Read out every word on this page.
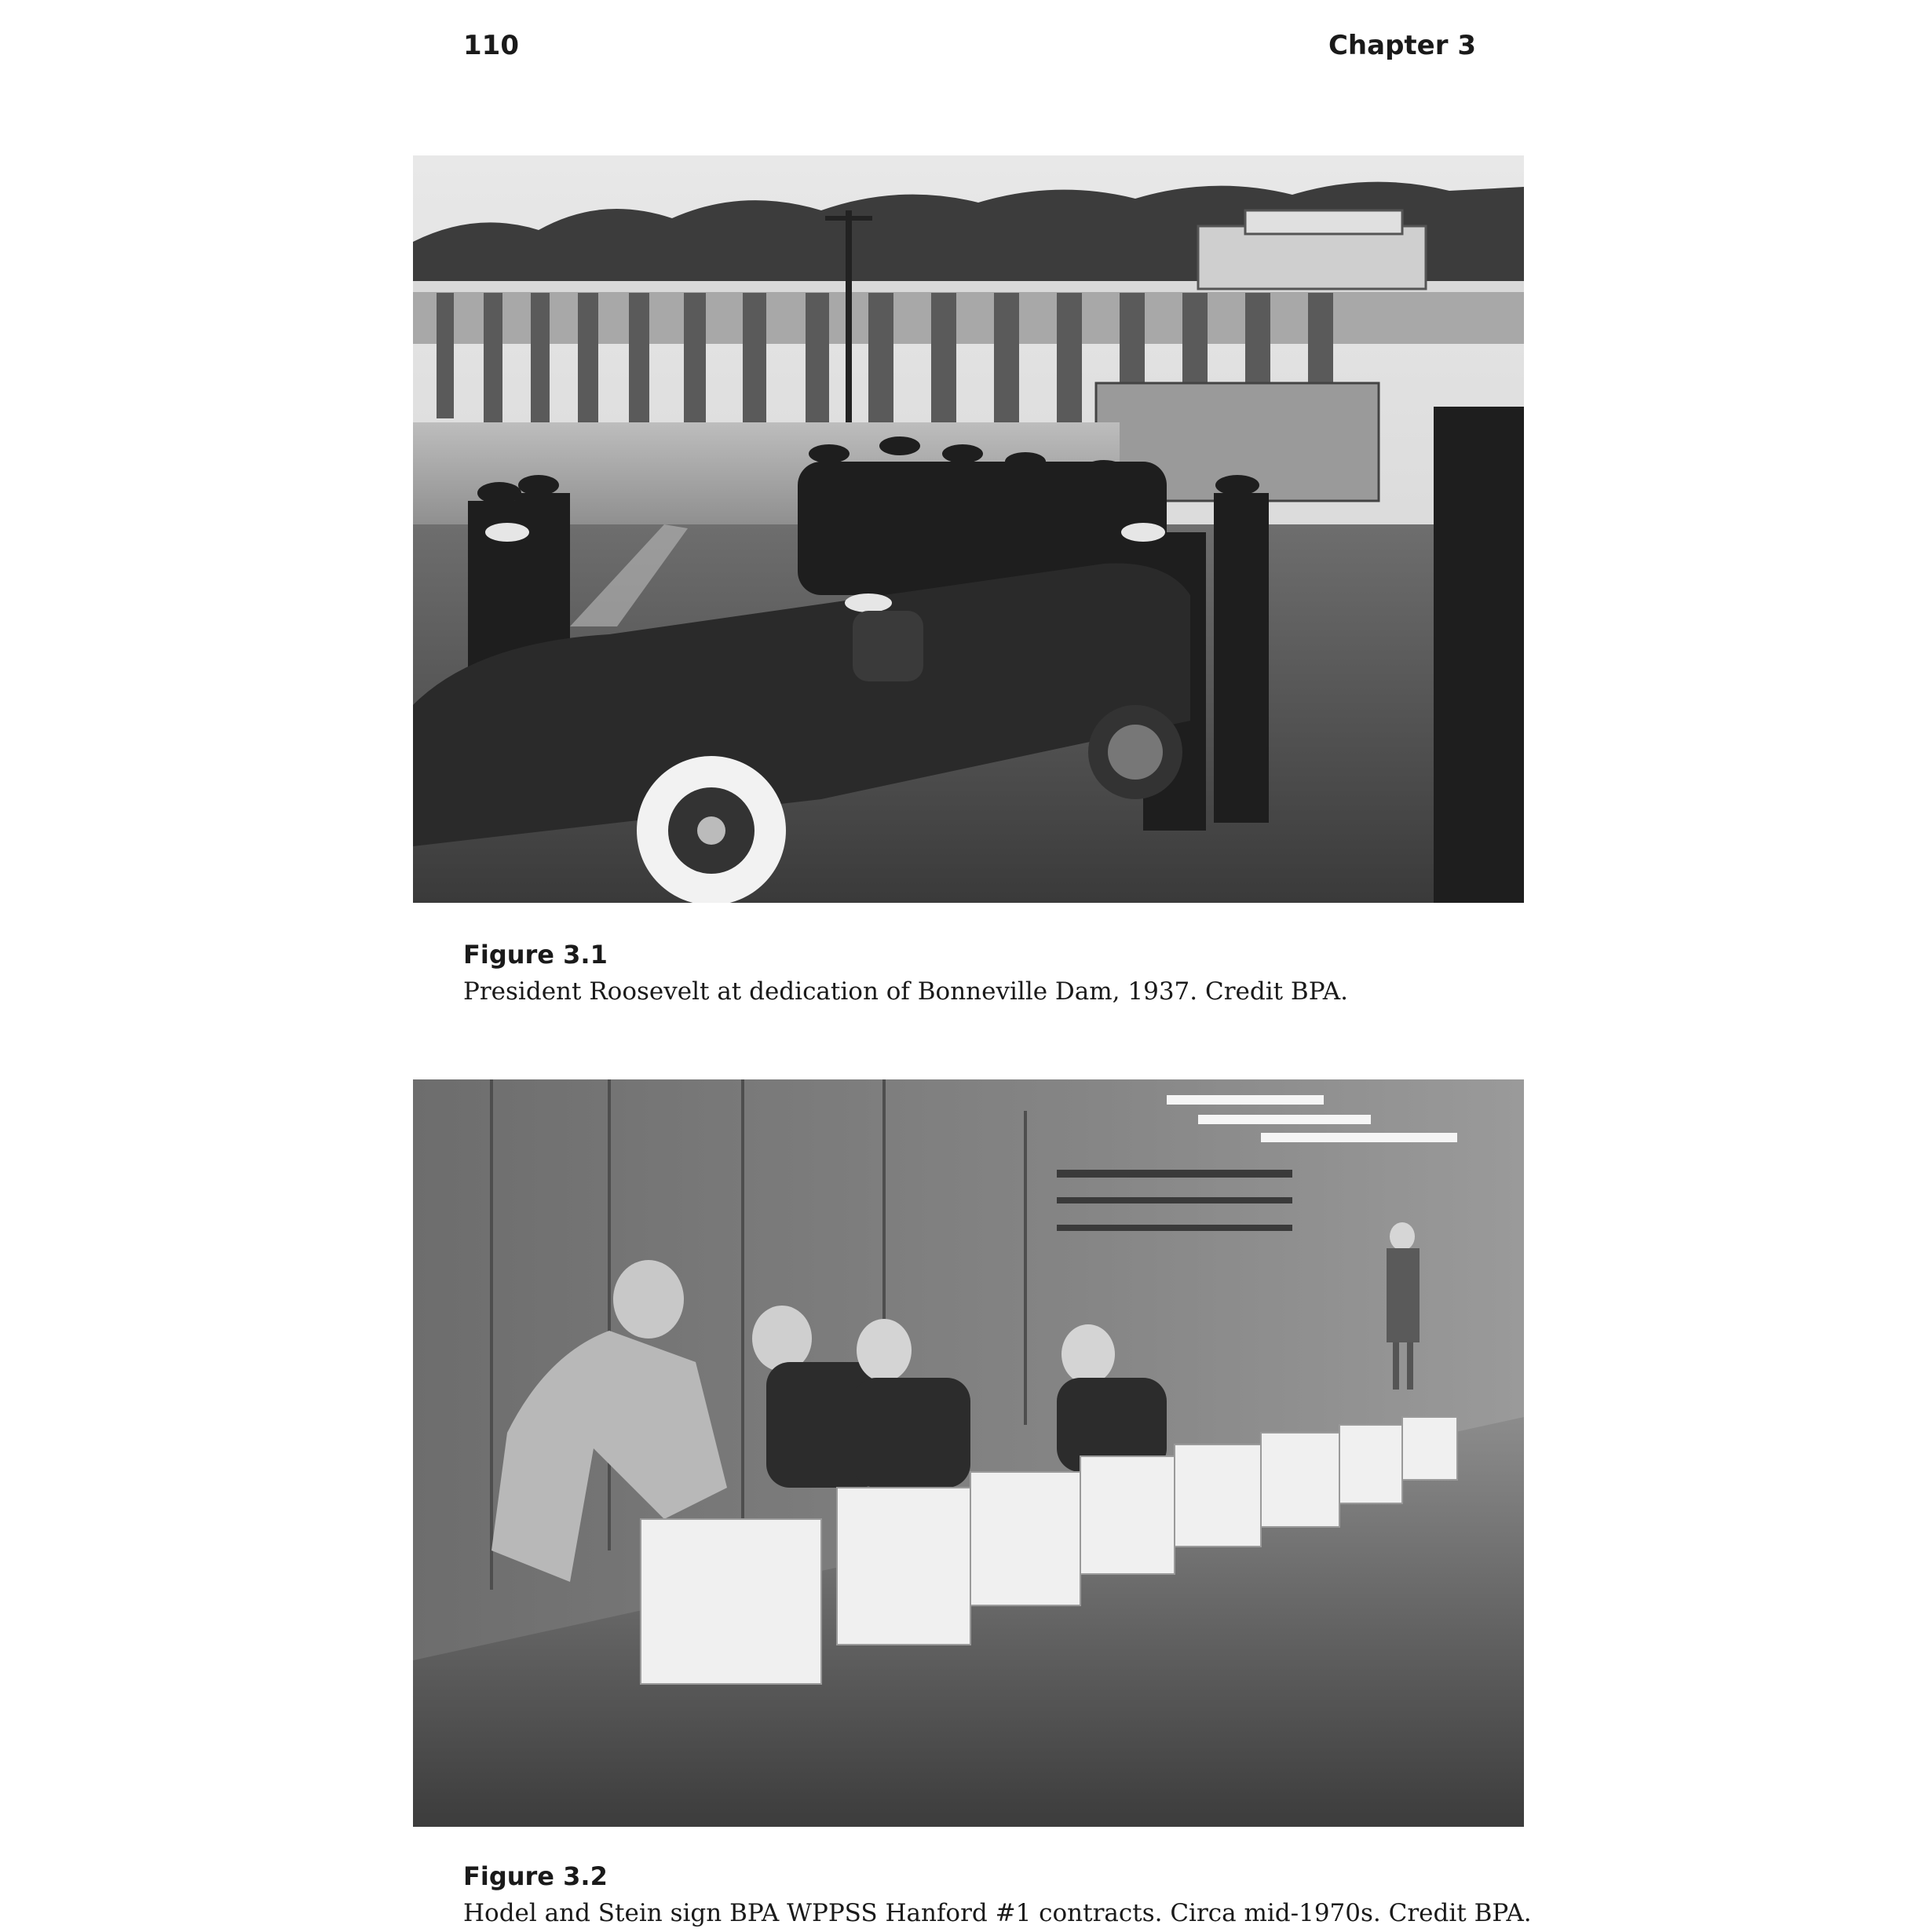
110	Chapter 3
Figure 3.1
President Roosevelt at dedication of Bonneville Dam, 1937. Credit BPA.
Figure 3.2
Hodel and Stein sign BPA WPPSS Hanford #1 contracts. Circa mid-1970s. Credit BPA.
